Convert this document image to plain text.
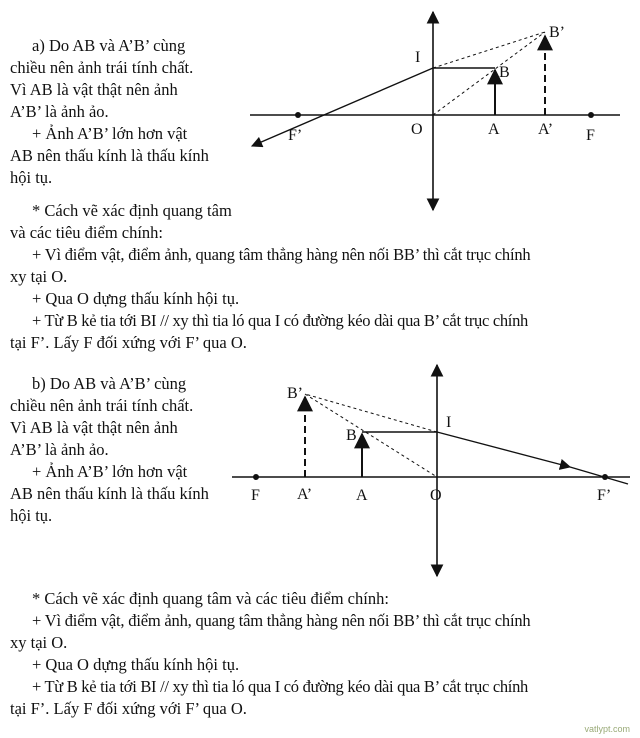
a) Do AB và A’B’ cùng
chiều nên ảnh trái tính chất.
Vì AB là vật thật nên ảnh
A’B’ là ảnh ảo.
+ Ảnh A’B’ lớn hơn vật
AB nên thấu kính là thấu kính
hội tụ.
* Cách vẽ xác định quang tâm
và các tiêu điểm chính:
+ Vì điểm vật, điểm ảnh, quang tâm thẳng hàng nên nối BB’ thì cắt trục chính
xy tại O.
+ Qua O dựng thấu kính hội tụ.
+ Từ B kẻ tia tới BI // xy thì tia ló qua I có đường kéo dài qua B’ cắt trục chính
tại F’. Lấy F đối xứng với F’ qua O.
b) Do AB và A’B’ cùng
chiều nên ảnh trái tính chất.
Vì AB là vật thật nên ảnh
A’B’ là ảnh ảo.
+ Ảnh A’B’ lớn hơn vật
AB nên thấu kính là thấu kính
hội tụ.
* Cách vẽ xác định quang tâm và các tiêu điểm chính:
+ Vì điểm vật, điểm ảnh, quang tâm thẳng hàng nên nối BB’ thì cắt trục chính
xy tại O.
+ Qua O dựng thấu kính hội tụ.
+ Từ B kẻ tia tới BI // xy thì tia ló qua I có đường kéo dài qua B’ cắt trục chính
tại F’. Lấy F đối xứng với F’ qua O.
I
B
B’
F’	O	A A’ F
B’
B
I
F A’	A	O	F’
vatlypt.com
